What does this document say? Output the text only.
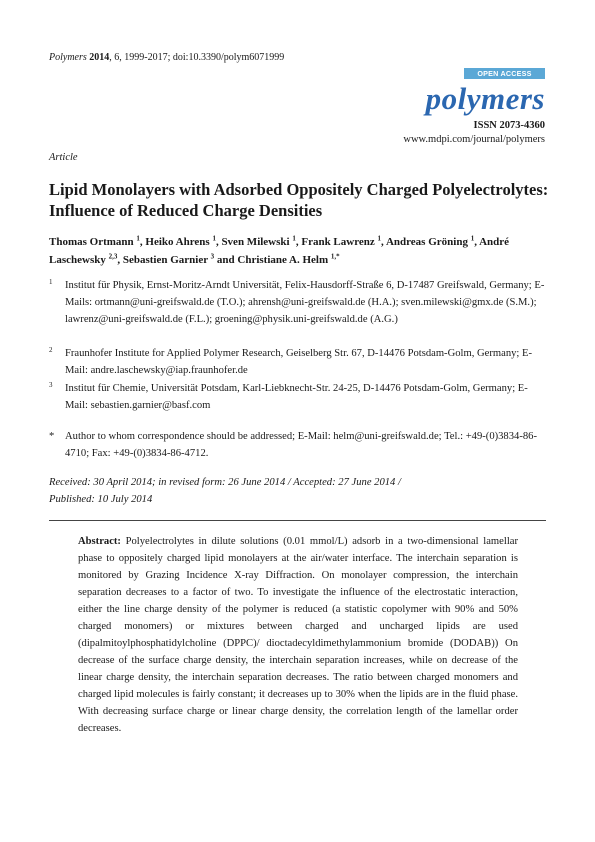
Polymers 2014, 6, 1999-2017; doi:10.3390/polym6071999
OPEN ACCESS
polymers
ISSN 2073-4360
www.mdpi.com/journal/polymers
Article
Lipid Monolayers with Adsorbed Oppositely Charged Polyelectrolytes: Influence of Reduced Charge Densities
Thomas Ortmann $^1$, Heiko Ahrens $^1$, Sven Milewski $^1$, Frank Lawrenz $^1$, Andreas Gröning $^1$, André Laschewsky $^{2,3}$, Sebastien Garnier $^3$ and Christiane A. Helm $^{1,*}$
1 Institut für Physik, Ernst-Moritz-Arndt Universität, Felix-Hausdorff-Straße 6, D-17487 Greifswald, Germany; E-Mails: ortmann@uni-greifswald.de (T.O.); ahrensh@uni-greifswald.de (H.A.); sven.milewski@gmx.de (S.M.); lawrenz@uni-greifswald.de (F.L.); groening@physik.uni-greifswald.de (A.G.)
2 Fraunhofer Institute for Applied Polymer Research, Geiselberg Str. 67, D-14476 Potsdam-Golm, Germany; E-Mail: andre.laschewsky@iap.fraunhofer.de
3 Institut für Chemie, Universität Potsdam, Karl-Liebknecht-Str. 24-25, D-14476 Potsdam-Golm, Germany; E-Mail: sebastien.garnier@basf.com
* Author to whom correspondence should be addressed; E-Mail: helm@uni-greifswald.de; Tel.: +49-(0)3834-86-4710; Fax: +49-(0)3834-86-4712.
Received: 30 April 2014; in revised form: 26 June 2014 / Accepted: 27 June 2014 /
Published: 10 July 2014
Abstract: Polyelectrolytes in dilute solutions (0.01 mmol/L) adsorb in a two-dimensional lamellar phase to oppositely charged lipid monolayers at the air/water interface. The interchain separation is monitored by Grazing Incidence X-ray Diffraction. On monolayer compression, the interchain separation decreases to a factor of two. To investigate the influence of the electrostatic interaction, either the line charge density of the polymer is reduced (a statistic copolymer with 90% and 50% charged monomers) or mixtures between charged and uncharged lipids are used (dipalmitoylphosphatidylcholine (DPPC)/ dioctadecyldimethylammonium bromide (DODAB)) On decrease of the surface charge density, the interchain separation increases, while on decrease of the linear charge density, the interchain separation decreases. The ratio between charged monomers and charged lipid molecules is fairly constant; it decreases up to 30% when the lipids are in the fluid phase. With decreasing surface charge or linear charge density, the correlation length of the lamellar order decreases.
